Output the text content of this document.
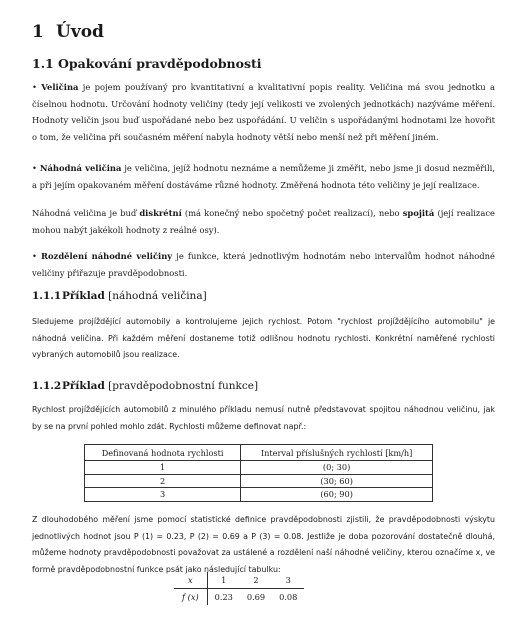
1 Úvod
1.1 Opakování pravděpodobnosti
• Veličina je pojem používaný pro kvantitativní a kvalitativní popis reality. Veličina má svou jednotku a číselnou hodnotu. Určování hodnoty veličiny (tedy její velikosti ve zvolených jednotkách) nazýváme měření. Hodnoty veličin jsou buď uspořádané nebo bez uspořádání. U veličin s uspořádanými hodnotami lze hovořit o tom, že veličina při současném měření nabyla hodnoty větší nebo menší než při měření jiném.
• Náhodná veličina je veličina, jejíž hodnotu neznáme a nemůžeme ji změřit, nebo jsme ji dosud nezměřili, a při jejím opakovaném měření dostáváme různé hodnoty. Změřená hodnota této veličiny je její realizace.
Náhodná veličina je buď diskrétní (má konečný nebo spočetný počet realizací), nebo spojitá (její realizace mohou nabýt jakékoli hodnoty z reálné osy).
• Rozdělení náhodné veličiny je funkce, která jednotlivým hodnotám nebo intervalům hodnot náhodné veličiny přiřazuje pravděpodobnosti.
1.1.1Příklad [náhodná veličina]
Sledujeme projíždějící automobily a kontrolujeme jejich rychlost. Potom "rychlost projíždějícího automobilu" je náhodná veličina. Při každém měření dostaneme totiž odlišnou hodnotu rychlosti. Konkrétní naměřené rychlosti vybraných automobilů jsou realizace.
1.1.2Příklad [pravděpodobnostní funkce]
Rychlost projíždějících automobilů z minulého příkladu nemusí nutně představovat spojitou náhodnou veličinu, jak by se na první pohled mohlo zdát. Rychlosti můžeme definovat např.:
Definovaná hodnota rychlosti	Interval příslušných rychlostí [km/h]
1	(0; 30)
2	(30; 60)
3	(60; 90)
Z dlouhodobého měření jsme pomocí statistické definice pravděpodobnosti zjistili, že pravděpodobnosti výskytu jednotlivých hodnot jsou P (1) = 0.23, P (2) = 0.69 a P (3) = 0.08. Jestliže je doba pozorování dostatečně dlouhá, můžeme hodnoty pravděpodobnosti považovat za ustálené a rozdělení naší náhodné veličiny, kterou označíme x, ve formě pravděpodobnostní funkce psát jako následující tabulku:
x	1	2	3
f (x)	0.23	0.69	0.08
